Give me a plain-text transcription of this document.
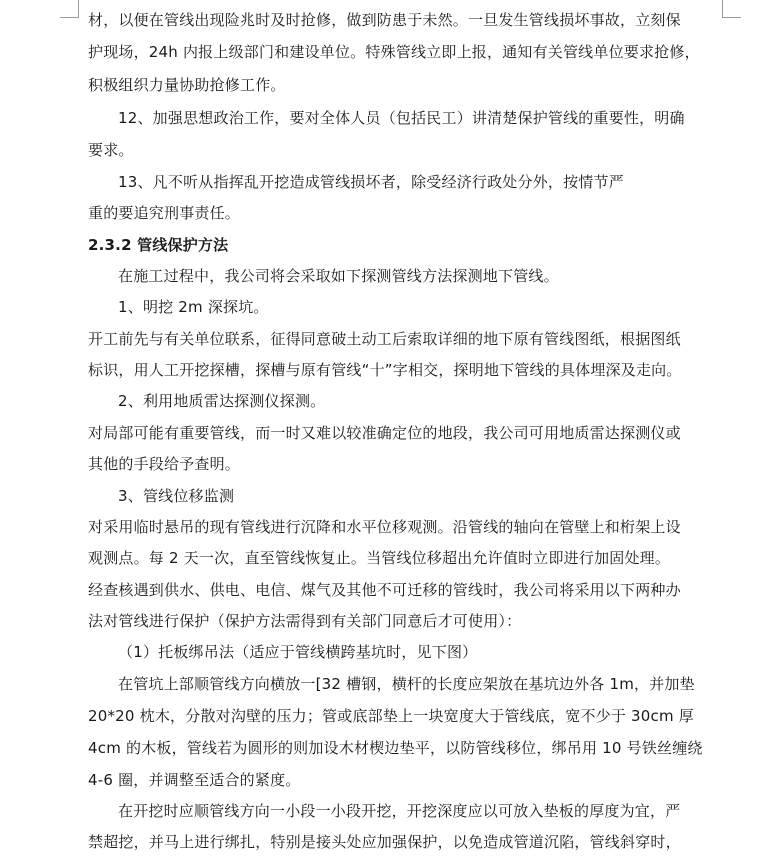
材，以便在管线出现险兆时及时抢修，做到防患于未然。一旦发生管线损坏事故，立刻保
护现场，24h 内报上级部门和建设单位。特殊管线立即上报，通知有关管线单位要求抢修，
积极组织力量协助抢修工作。
12、加强思想政治工作，要对全体人员（包括民工）讲清楚保护管线的重要性，明确
要求。
13、凡不听从指挥乱开挖造成管线损坏者，除受经济行政处分外，按情节严
重的要追究刑事责任。
2.3.2 管线保护方法
在施工过程中，我公司将会采取如下探测管线方法探测地下管线。
1、明挖 2m 深探坑。
开工前先与有关单位联系，征得同意破土动工后索取详细的地下原有管线图纸，根据图纸
标识，用人工开挖探槽，探槽与原有管线“十”字相交，探明地下管线的具体埋深及走向。
2、利用地质雷达探测仪探测。
对局部可能有重要管线，而一时又难以较准确定位的地段，我公司可用地质雷达探测仪或
其他的手段给予查明。
3、管线位移监测
对采用临时悬吊的现有管线进行沉降和水平位移观测。沿管线的轴向在管壁上和桁架上设
观测点。每 2 天一次，直至管线恢复止。当管线位移超出允许值时立即进行加固处理。
经查核遇到供水、供电、电信、煤气及其他不可迁移的管线时，我公司将采用以下两种办
法对管线进行保护（保护方法需得到有关部门同意后才可使用）：
（1）托板绑吊法（适应于管线横跨基坑时，见下图）
在管坑上部顺管线方向横放一[32 槽钢，横杆的长度应架放在基坑边外各 1m，并加垫
20*20 枕木，分散对沟壁的压力；管或底部垫上一块宽度大于管线底，宽不少于 30cm 厚
4cm 的木板，管线若为圆形的则加设木材楔边垫平，以防管线移位，绑吊用 10 号铁丝缠绕
4-6 圈，并调整至适合的紧度。
在开挖时应顺管线方向一小段一小段开挖，开挖深度应以可放入垫板的厚度为宜，严
禁超挖，并马上进行绑扎，特别是接头处应加强保护，以免造成管道沉陷，管线斜穿时，
